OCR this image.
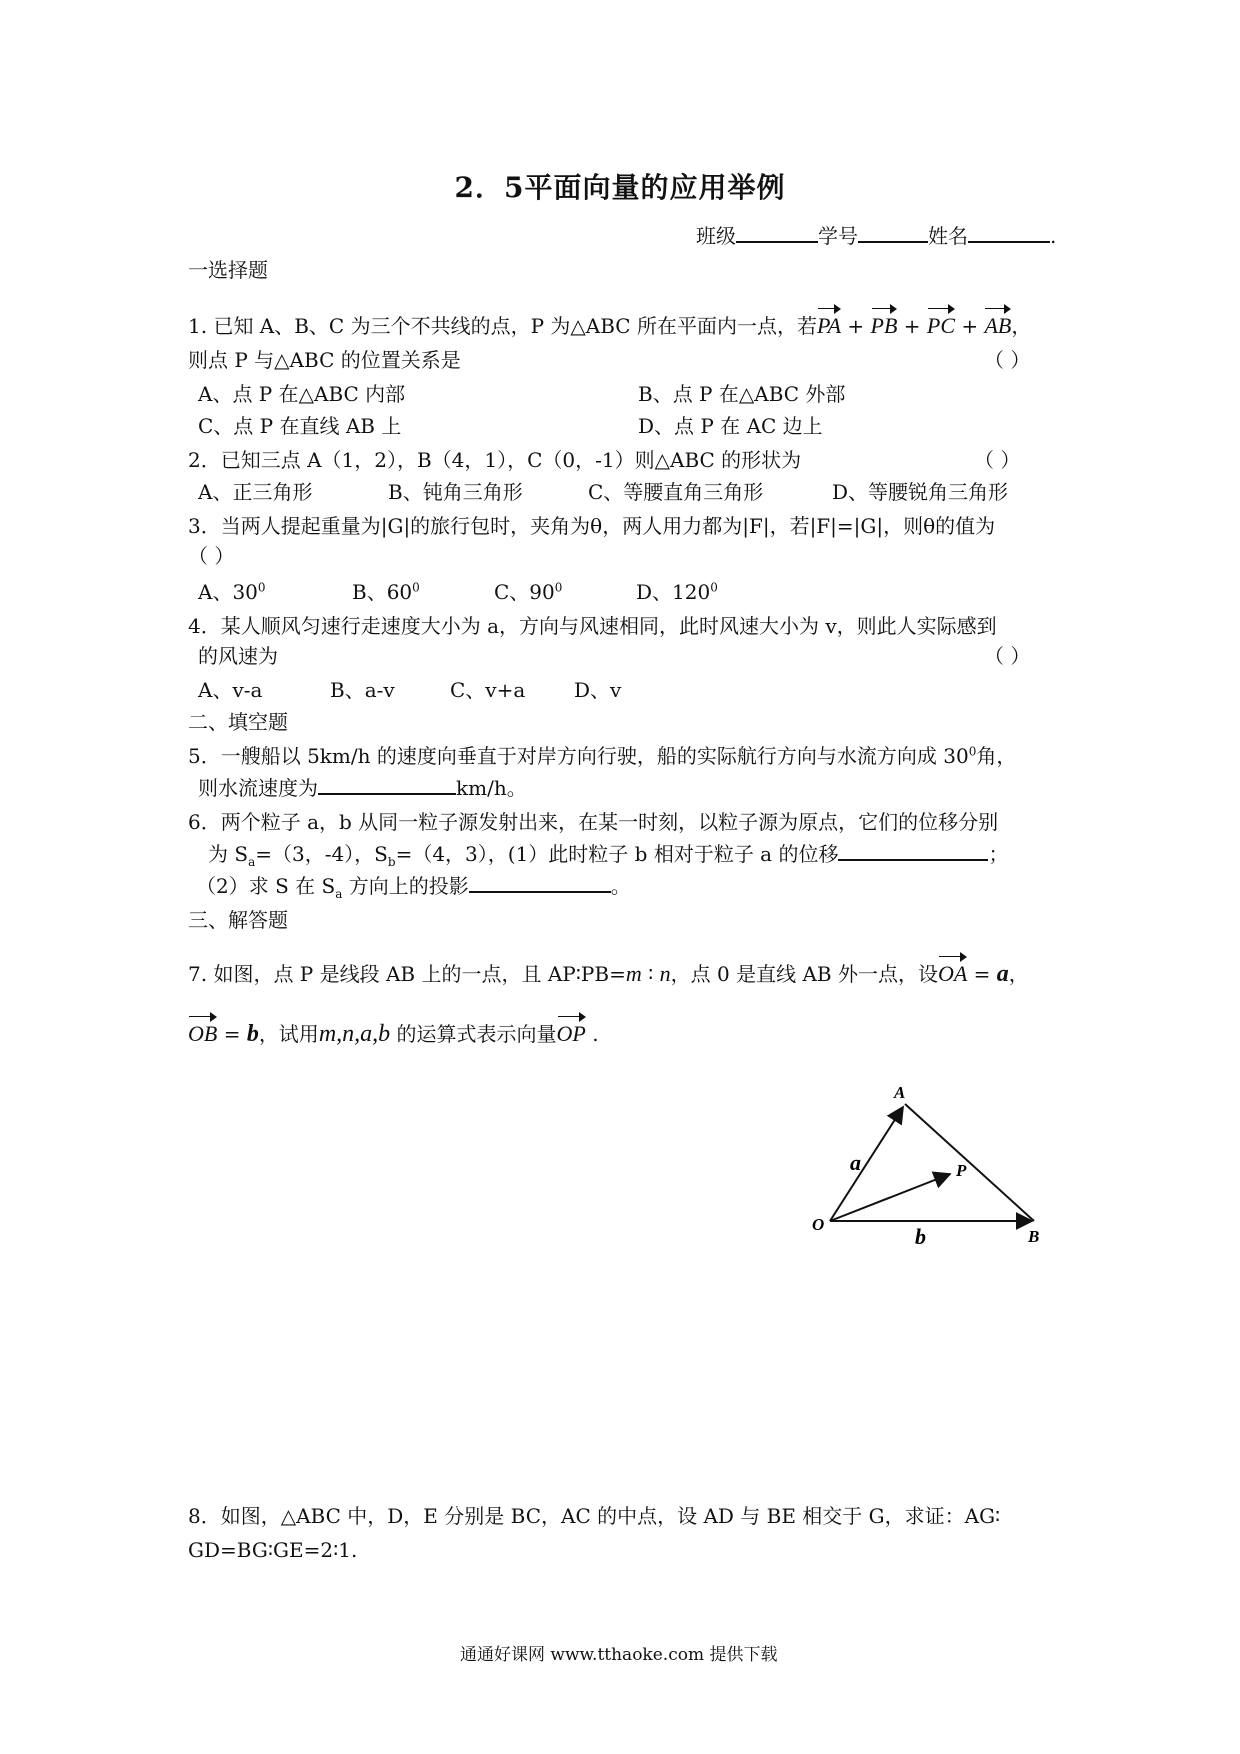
2．5平面向量的应用举例
班级	学号	姓名	.
一选择题
1. 已知 A、B、C 为三个不共线的点，P 为△ABC 所在平面内一点，若PA + PB + PC + AB，
则点 P 与△ABC 的位置关系是	（ ）
A、点 P 在△ABC 内部	B、点 P 在△ABC 外部
C、点 P 在直线 AB 上	D、点 P 在 AC 边上
2．已知三点 A（1，2），B（4，1），C（0，-1）则△ABC 的形状为	（ ）
A、正三角形	B、钝角三角形	C、等腰直角三角形	D、等腰锐角三角形
3．当两人提起重量为|G|的旅行包时，夹角为θ，两人用力都为|F|，若|F|=|G|，则θ的值为
（ ）
A、$30^0$	B、$60^0$	C、$90^0$	D、$120^0$
4．某人顺风匀速行走速度大小为 a，方向与风速相同，此时风速大小为 v，则此人实际感到
的风速为	（ ）
A、v-a	B、a-v	C、v+a D、v
二、填空题
5．一艘船以 5km/h 的速度向垂直于对岸方向行驶，船的实际航行方向与水流方向成 $30^0$角，
则水流速度为	km/h。
6．两个粒子 a，b 从同一粒子源发射出来，在某一时刻，以粒子源为原点，它们的位移分别
为 $S_a=(3$，-4），$S_b=(4$，3），(1）此时粒子 b 相对于粒子 a 的位移	；
（2）求 S 在 $S_a$ 方向上的投影	。
三、解答题
7. 如图，点 P 是线段 AB 上的一点，且 AP∶PB=m ∶ n，点 0 是直线 AB 外一点，设OA = a，
OB = b，试用m,n,a,b 的运算式表示向量OP .
A
P
O
B
a
b
8．如图，△ABC 中，D，E 分别是 BC，AC 的中点，设 AD 与 BE 相交于 G，求证：AG∶
GD=BG∶GE=2∶1.
通通好课网 www.tthaoke.com 提供下载
